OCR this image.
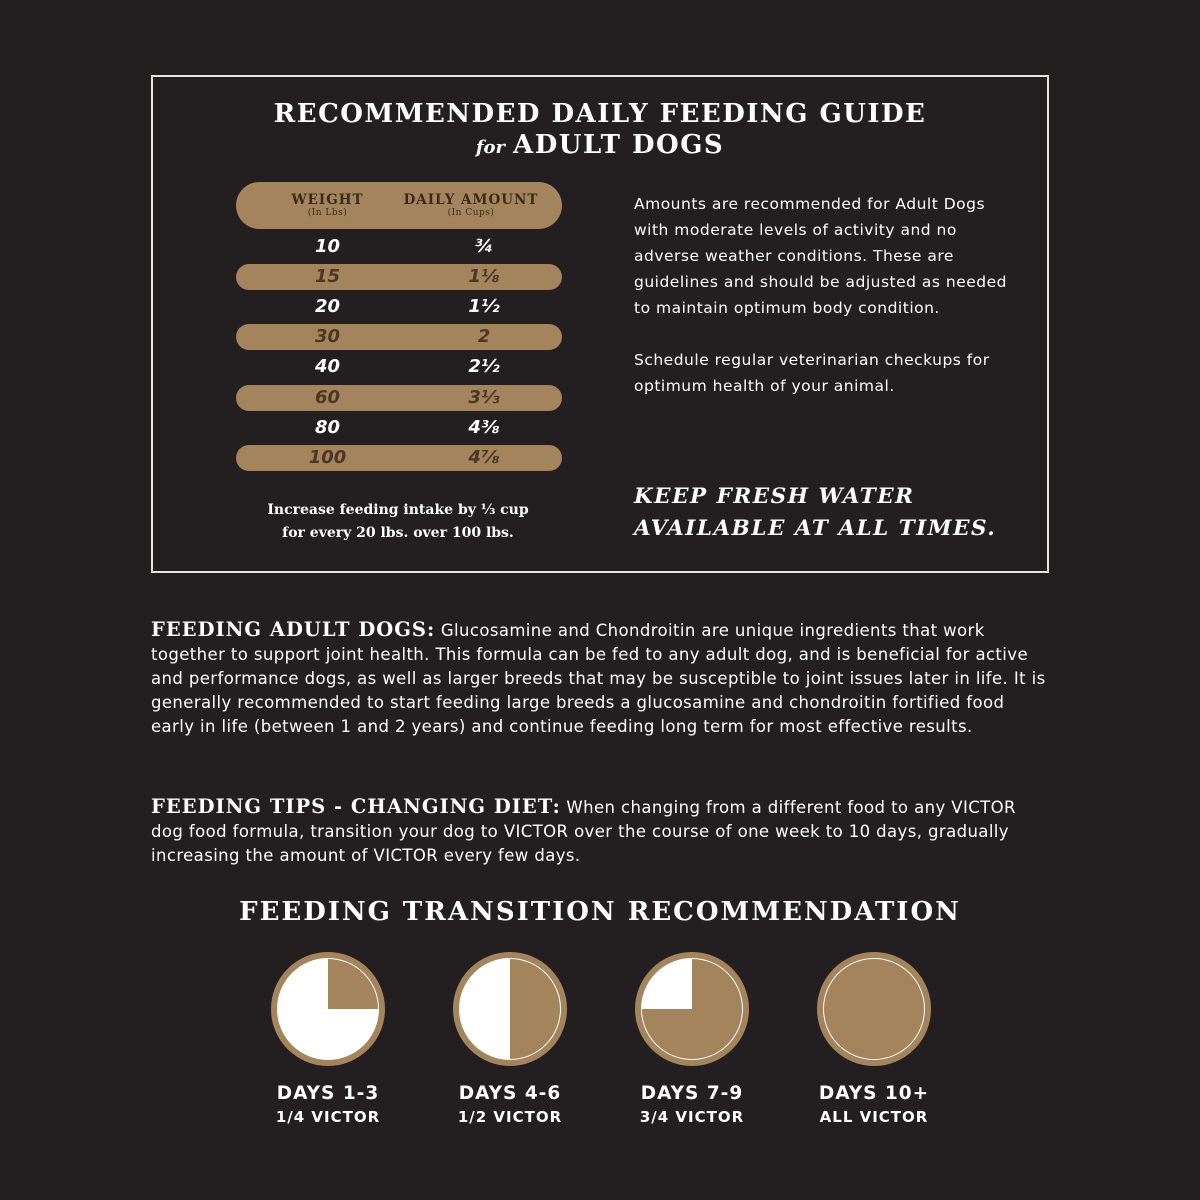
RECOMMENDED DAILY FEEDING GUIDE
for ADULT DOGS
WEIGHT
(In Lbs)
DAILY AMOUNT
(In Cups)
10	¾
15	1⅛
20	1½
30	2
40	2½
60	3⅓
80	4⅜
100	4⅞
Increase feeding intake by ⅓ cup
for every 20 lbs. over 100 lbs.

Amounts are recommended for Adult Dogs with moderate levels of activity and no adverse weather conditions. These are guidelines and should be adjusted as needed to maintain optimum body condition.

Schedule regular veterinarian checkups for optimum health of your animal.

KEEP FRESH WATER
AVAILABLE AT ALL TIMES.
FEEDING ADULT DOGS: Glucosamine and Chondroitin are unique ingredients that work together to support joint health. This formula can be fed to any adult dog, and is beneficial for active and performance dogs, as well as larger breeds that may be susceptible to joint issues later in life. It is generally recommended to start feeding large breeds a glucosamine and chondroitin fortified food early in life (between 1 and 2 years) and continue feeding long term for most effective results.
FEEDING TIPS - CHANGING DIET: When changing from a different food to any VICTOR dog food formula, transition your dog to VICTOR over the course of one week to 10 days, gradually increasing the amount of VICTOR every few days.
FEEDING TRANSITION RECOMMENDATION
DAYS 1-3
1/4 VICTOR
DAYS 4-6
1/2 VICTOR
DAYS 7-9
3/4 VICTOR
DAYS 10+
ALL VICTOR
